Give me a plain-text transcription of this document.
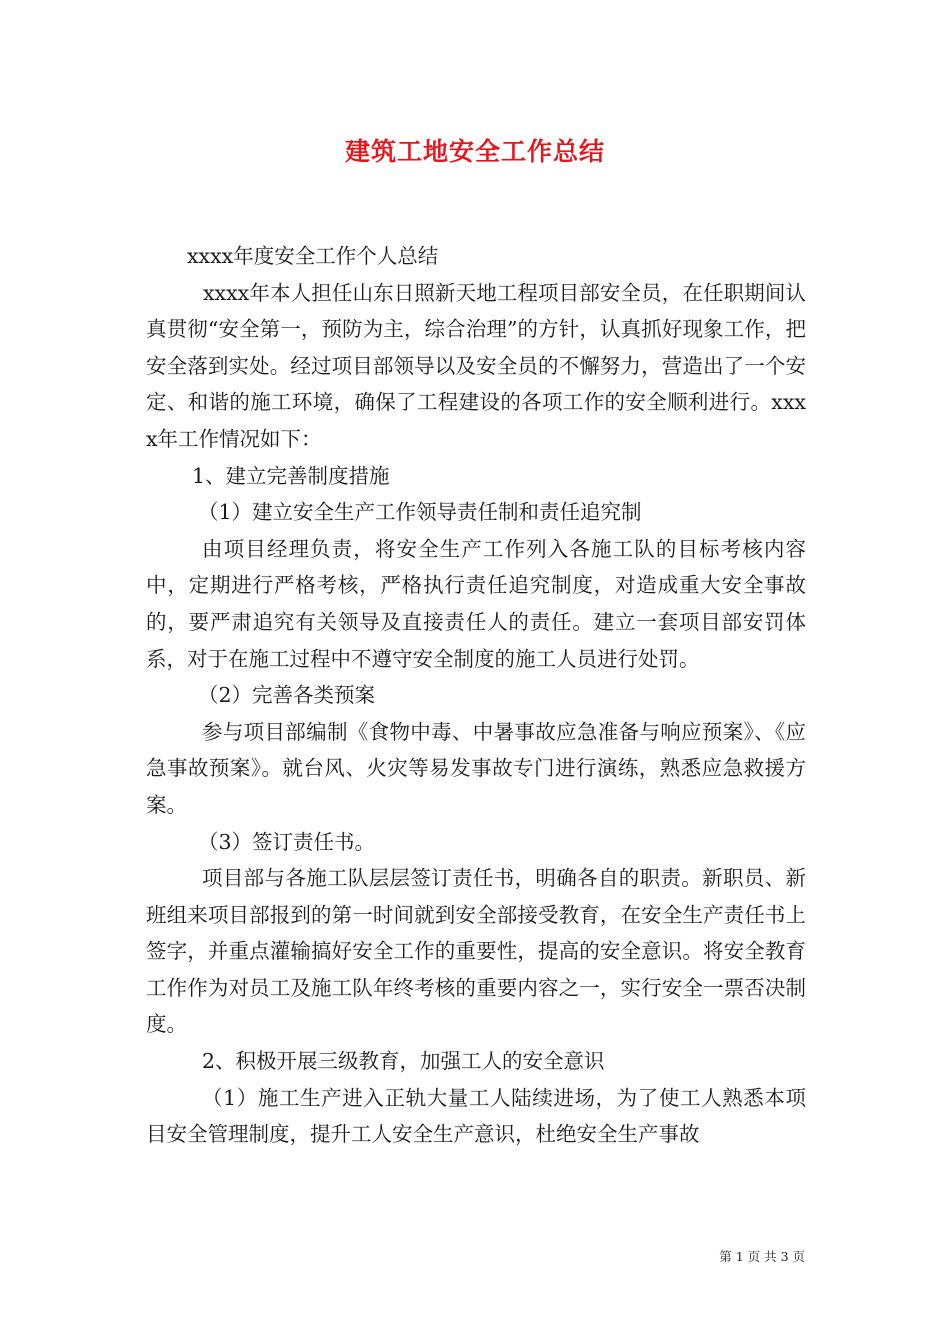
建筑工地安全工作总结

xxxx年度安全工作个人总结

xxxx年本人担任山东日照新天地工程项目部安全员，在任职期间认真贯彻“安全第一，预防为主，综合治理”的方针，认真抓好现象工作，把安全落到实处。经过项目部领导以及安全员的不懈努力，营造出了一个安定、和谐的施工环境，确保了工程建设的各项工作的安全顺利进行。xxxx年工作情况如下：

1、建立完善制度措施

（1）建立安全生产工作领导责任制和责任追究制

由项目经理负责，将安全生产工作列入各施工队的目标考核内容中，定期进行严格考核，严格执行责任追究制度，对造成重大安全事故的，要严肃追究有关领导及直接责任人的责任。建立一套项目部安罚体系，对于在施工过程中不遵守安全制度的施工人员进行处罚。

（2）完善各类预案

参与项目部编制《食物中毒、中暑事故应急准备与响应预案》、《应急事故预案》。就台风、火灾等易发事故专门进行演练，熟悉应急救援方案。

（3）签订责任书。

项目部与各施工队层层签订责任书，明确各自的职责。新职员、新班组来项目部报到的第一时间就到安全部接受教育，在安全生产责任书上签字，并重点灌输搞好安全工作的重要性，提高的安全意识。将安全教育工作作为对员工及施工队年终考核的重要内容之一，实行安全一票否决制度。

2、积极开展三级教育，加强工人的安全意识

（1）施工生产进入正轨大量工人陆续进场，为了使工人熟悉本项目安全管理制度，提升工人安全生产意识，杜绝安全生产事故

第 1 页 共 3 页
